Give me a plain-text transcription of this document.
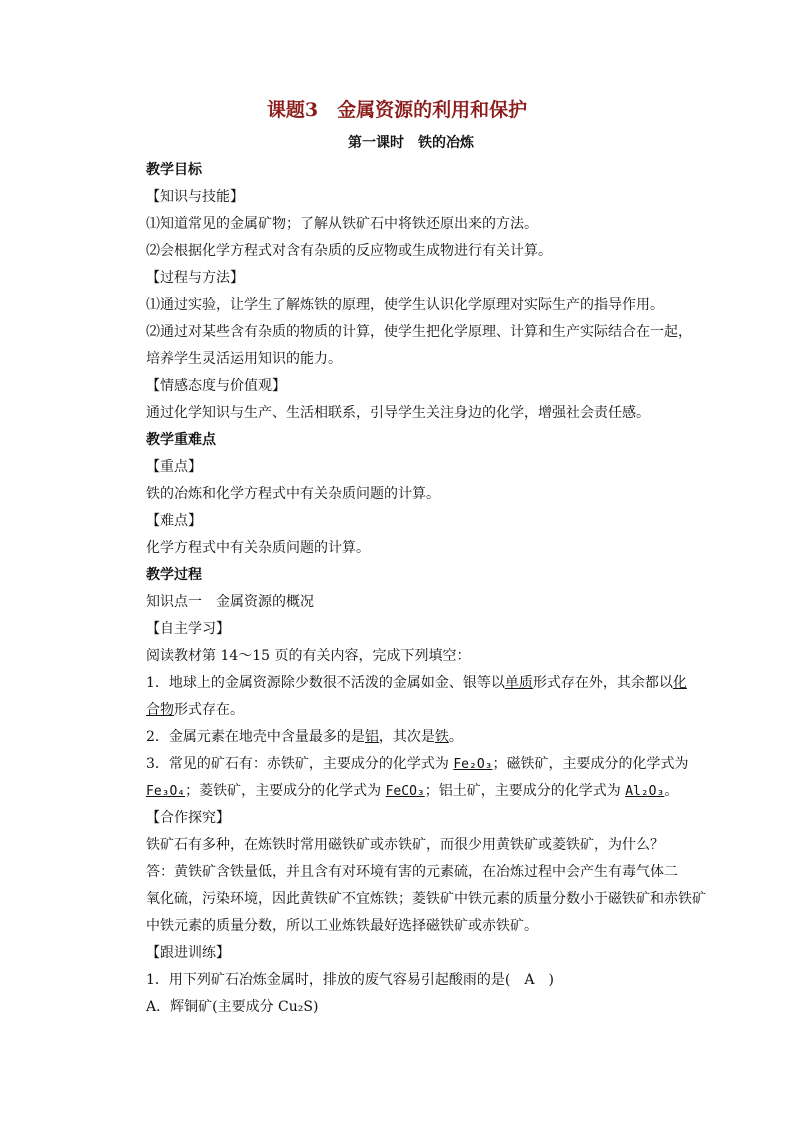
课题3　金属资源的利用和保护
第一课时　铁的冶炼
教学目标
【知识与技能】
⑴知道常见的金属矿物；了解从铁矿石中将铁还原出来的方法。
⑵会根据化学方程式对含有杂质的反应物或生成物进行有关计算。
【过程与方法】
⑴通过实验，让学生了解炼铁的原理，使学生认识化学原理对实际生产的指导作用。
⑵通过对某些含有杂质的物质的计算，使学生把化学原理、计算和生产实际结合在一起，
培养学生灵活运用知识的能力。
【情感态度与价值观】
通过化学知识与生产、生活相联系，引导学生关注身边的化学，增强社会责任感。
教学重难点
【重点】
铁的冶炼和化学方程式中有关杂质问题的计算。
【难点】
化学方程式中有关杂质问题的计算。
教学过程
知识点一　金属资源的概况
【自主学习】
阅读教材第 14～15 页的有关内容，完成下列填空：
1．地球上的金属资源除少数很不活泼的金属如金、银等以单质形式存在外，其余都以化
合物形式存在。
2．金属元素在地壳中含量最多的是铝，其次是铁。
3．常见的矿石有：赤铁矿，主要成分的化学式为 Fe₂O₃；磁铁矿，主要成分的化学式为
Fe₃O₄；菱铁矿，主要成分的化学式为 FeCO₃；铝土矿，主要成分的化学式为 Al₂O₃。
【合作探究】
铁矿石有多种，在炼铁时常用磁铁矿或赤铁矿，而很少用黄铁矿或菱铁矿，为什么？
答：黄铁矿含铁量低，并且含有对环境有害的元素硫，在冶炼过程中会产生有毒气体二
氧化硫，污染环境，因此黄铁矿不宜炼铁；菱铁矿中铁元素的质量分数小于磁铁矿和赤铁矿
中铁元素的质量分数，所以工业炼铁最好选择磁铁矿或赤铁矿。
【跟进训练】
1．用下列矿石冶炼金属时，排放的废气容易引起酸雨的是(　A　)
A．辉铜矿(主要成分 Cu₂S)
